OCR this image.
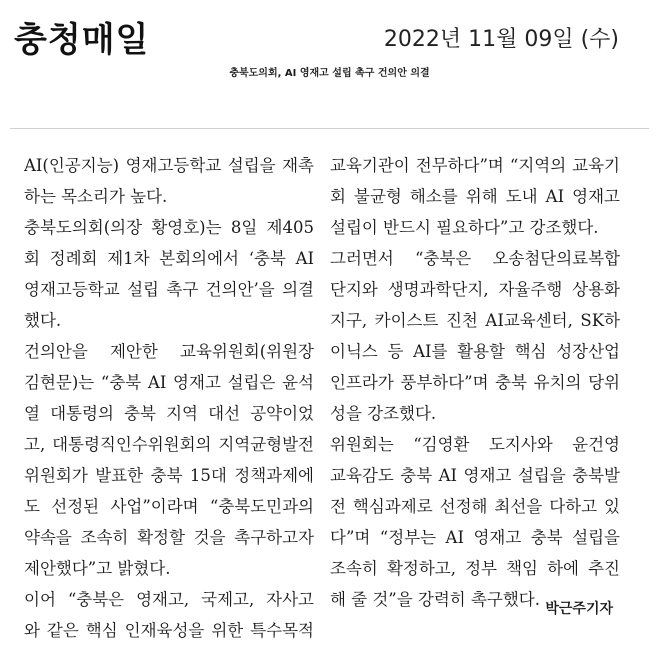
충청매일	2022년 11월 09일 (수)
충북도의회, AI 영재고 설립 촉구 건의안 의결
AI(인공지능) 영재고등학교 설립을 재촉
하는 목소리가 높다.
충북도의회(의장 황영호)는 8일 제405
회 정례회 제1차 본회의에서 ‘충북 AI
영재고등학교 설립 촉구 건의안’을 의결
했다.
건의안을 제안한 교육위원회(위원장
김현문)는 “충북 AI 영재고 설립은 윤석
열 대통령의 충북 지역 대선 공약이었
고, 대통령직인수위원회의 지역균형발전
위원회가 발표한 충북 15대 정책과제에
도 선정된 사업”이라며 “충북도민과의
약속을 조속히 확정할 것을 촉구하고자
제안했다”고 밝혔다.
이어 “충북은 영재고, 국제고, 자사고
와 같은 핵심 인재육성을 위한 특수목적
교육기관이 전무하다”며 “지역의 교육기
회 불균형 해소를 위해 도내 AI 영재고
설립이 반드시 필요하다”고 강조했다.
그러면서 “충북은 오송첨단의료복합
단지와 생명과학단지, 자율주행 상용화
지구, 카이스트 진천 AI교육센터, SK하
이닉스 등 AI를 활용할 핵심 성장산업
인프라가 풍부하다”며 충북 유치의 당위
성을 강조했다.
위원회는 “김영환 도지사와 윤건영
교육감도 충북 AI 영재고 설립을 충북발
전 핵심과제로 선정해 최선을 다하고 있
다”며 “정부는 AI 영재고 충북 설립을
조속히 확정하고, 정부 책임 하에 추진
해 줄 것”을 강력히 촉구했다. 박근주기자
